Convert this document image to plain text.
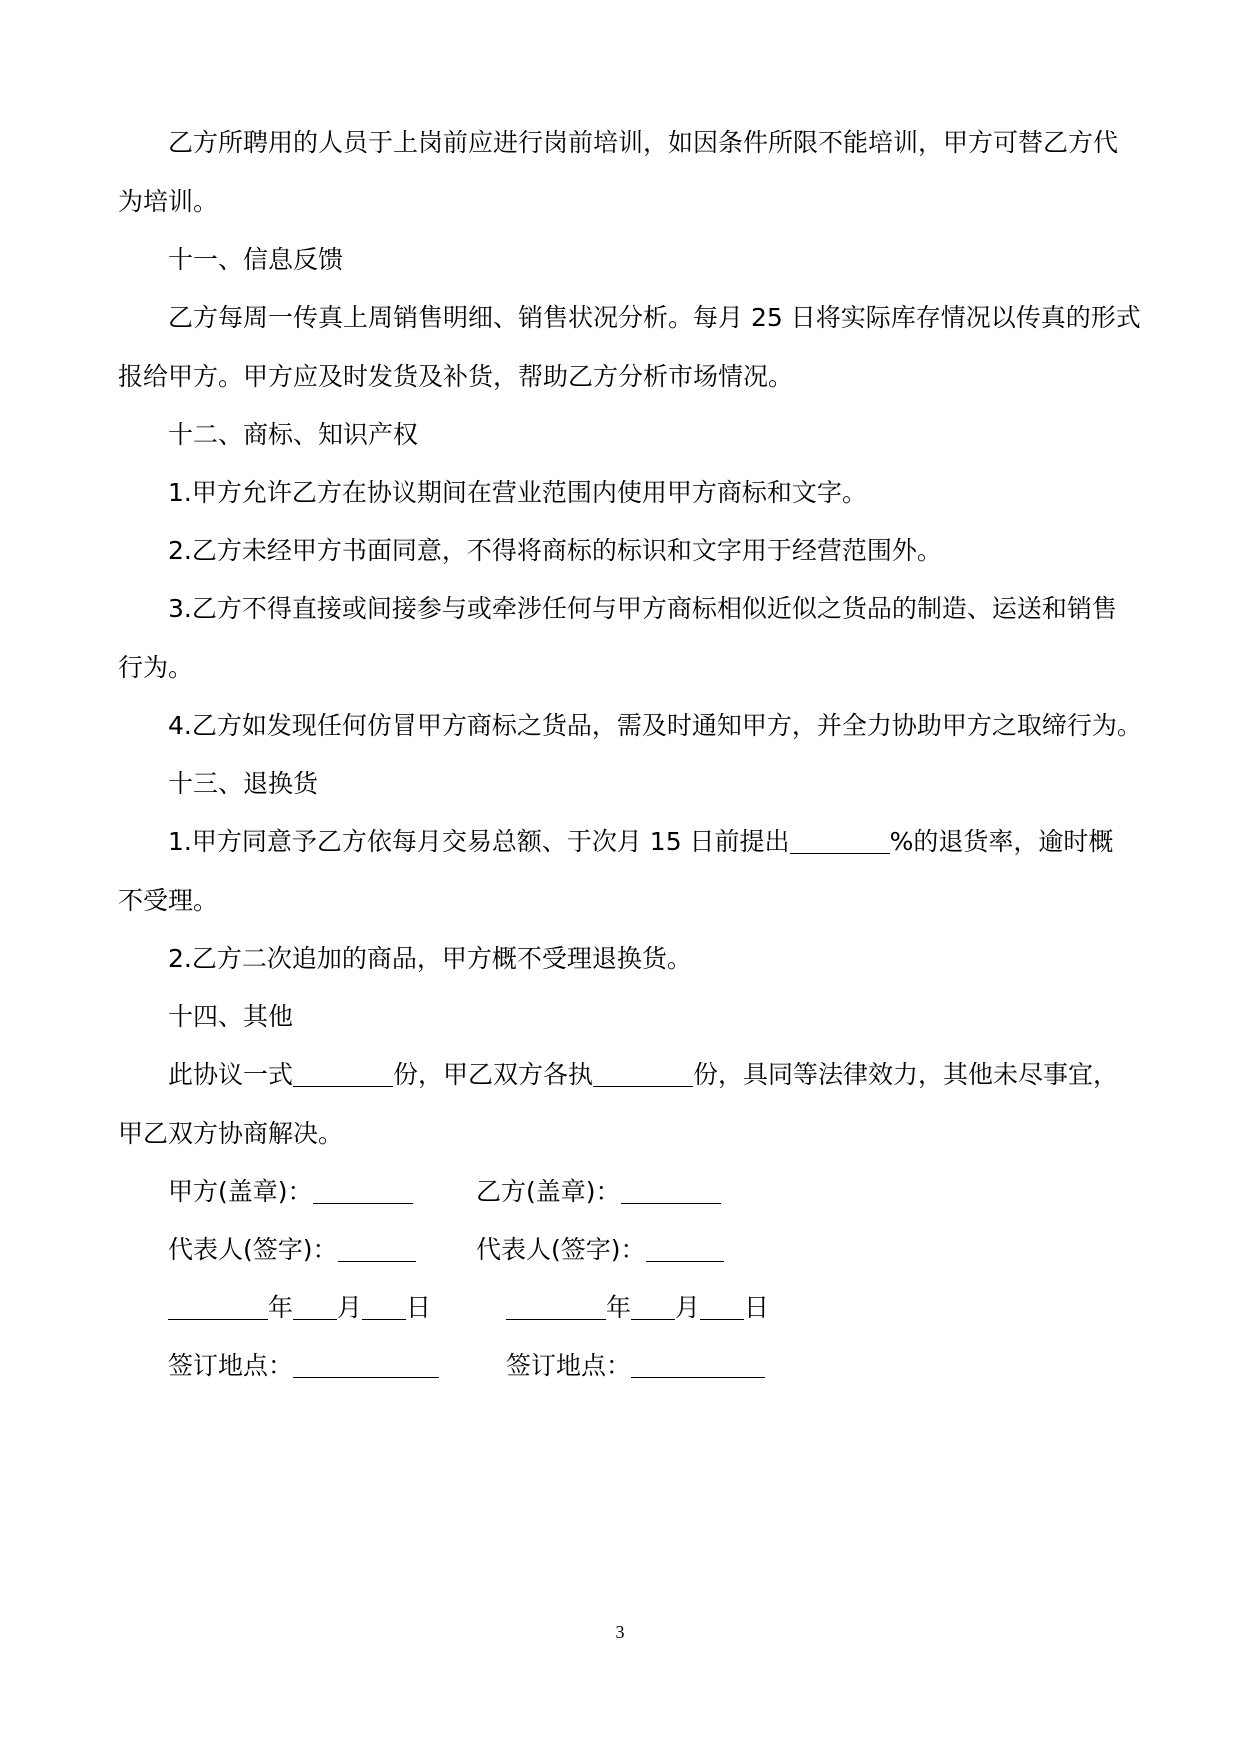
乙方所聘用的人员于上岗前应进行岗前培训，如因条件所限不能培训，甲方可替乙方代
为培训。
十一、信息反馈
乙方每周一传真上周销售明细、销售状况分析。每月 25 日将实际库存情况以传真的形式
报给甲方。甲方应及时发货及补货，帮助乙方分析市场情况。
十二、商标、知识产权
1.甲方允许乙方在协议期间在营业范围内使用甲方商标和文字。
2.乙方未经甲方书面同意，不得将商标的标识和文字用于经营范围外。
3.乙方不得直接或间接参与或牵涉任何与甲方商标相似近似之货品的制造、运送和销售
行为。
4.乙方如发现任何仿冒甲方商标之货品，需及时通知甲方，并全力协助甲方之取缔行为。
十三、退换货
1.甲方同意予乙方依每月交易总额、于次月 15 日前提出	%的退货率，逾时概
不受理。
2.乙方二次追加的商品，甲方概不受理退换货。
十四、其他
此协议一式	份，甲乙双方各执	份，具同等法律效力，其他未尽事宜，
甲乙双方协商解决。
甲方(盖章)：	乙方(盖章)：
代表人(签字)：	代表人(签字)：
年 月 日	年 月 日
签订地点：	签订地点：
3
